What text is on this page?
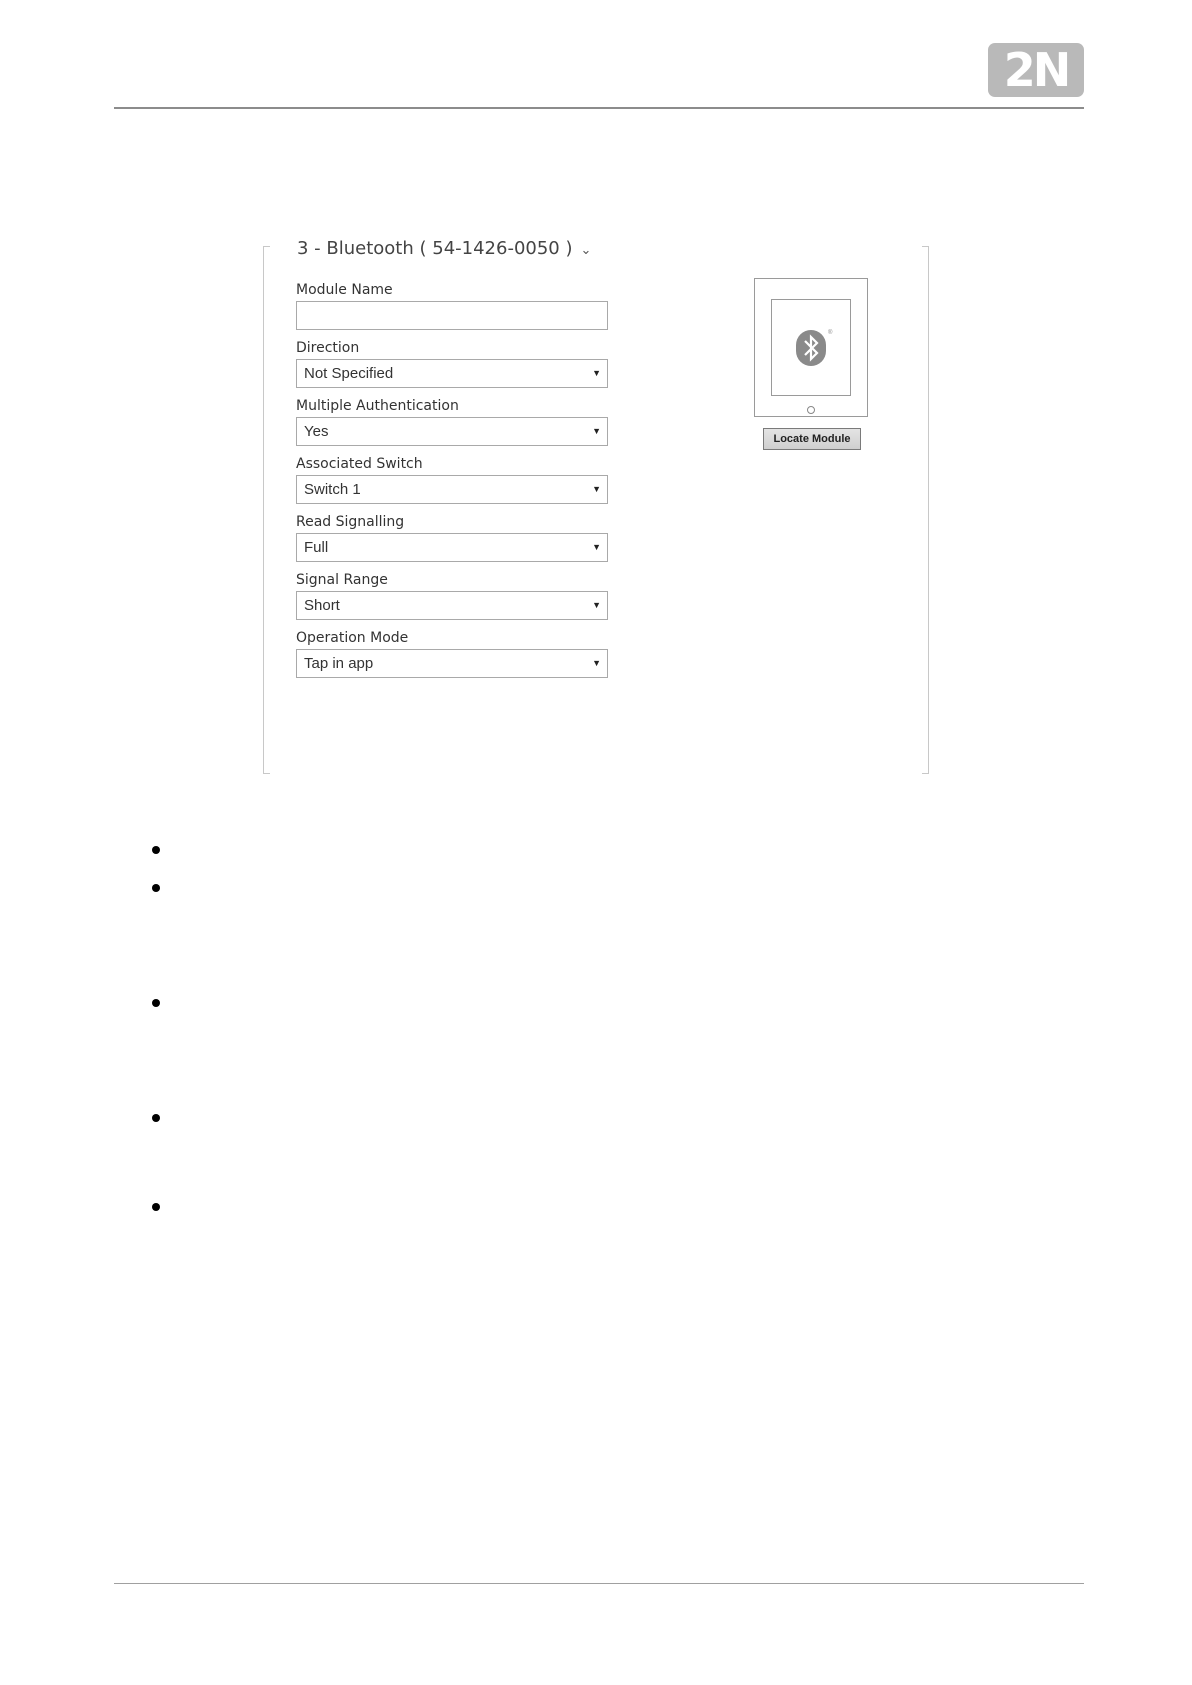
2N
3 - Bluetooth ( 54-1426-0050 ) ⌄
Module Name
Direction
Not Specified	▼
Multiple Authentication
Yes	▼
Associated Switch
Switch 1	▼
Read Signalling
Full	▼
Signal Range
Short	▼
Operation Mode
Tap in app	▼
®
Locate Module
